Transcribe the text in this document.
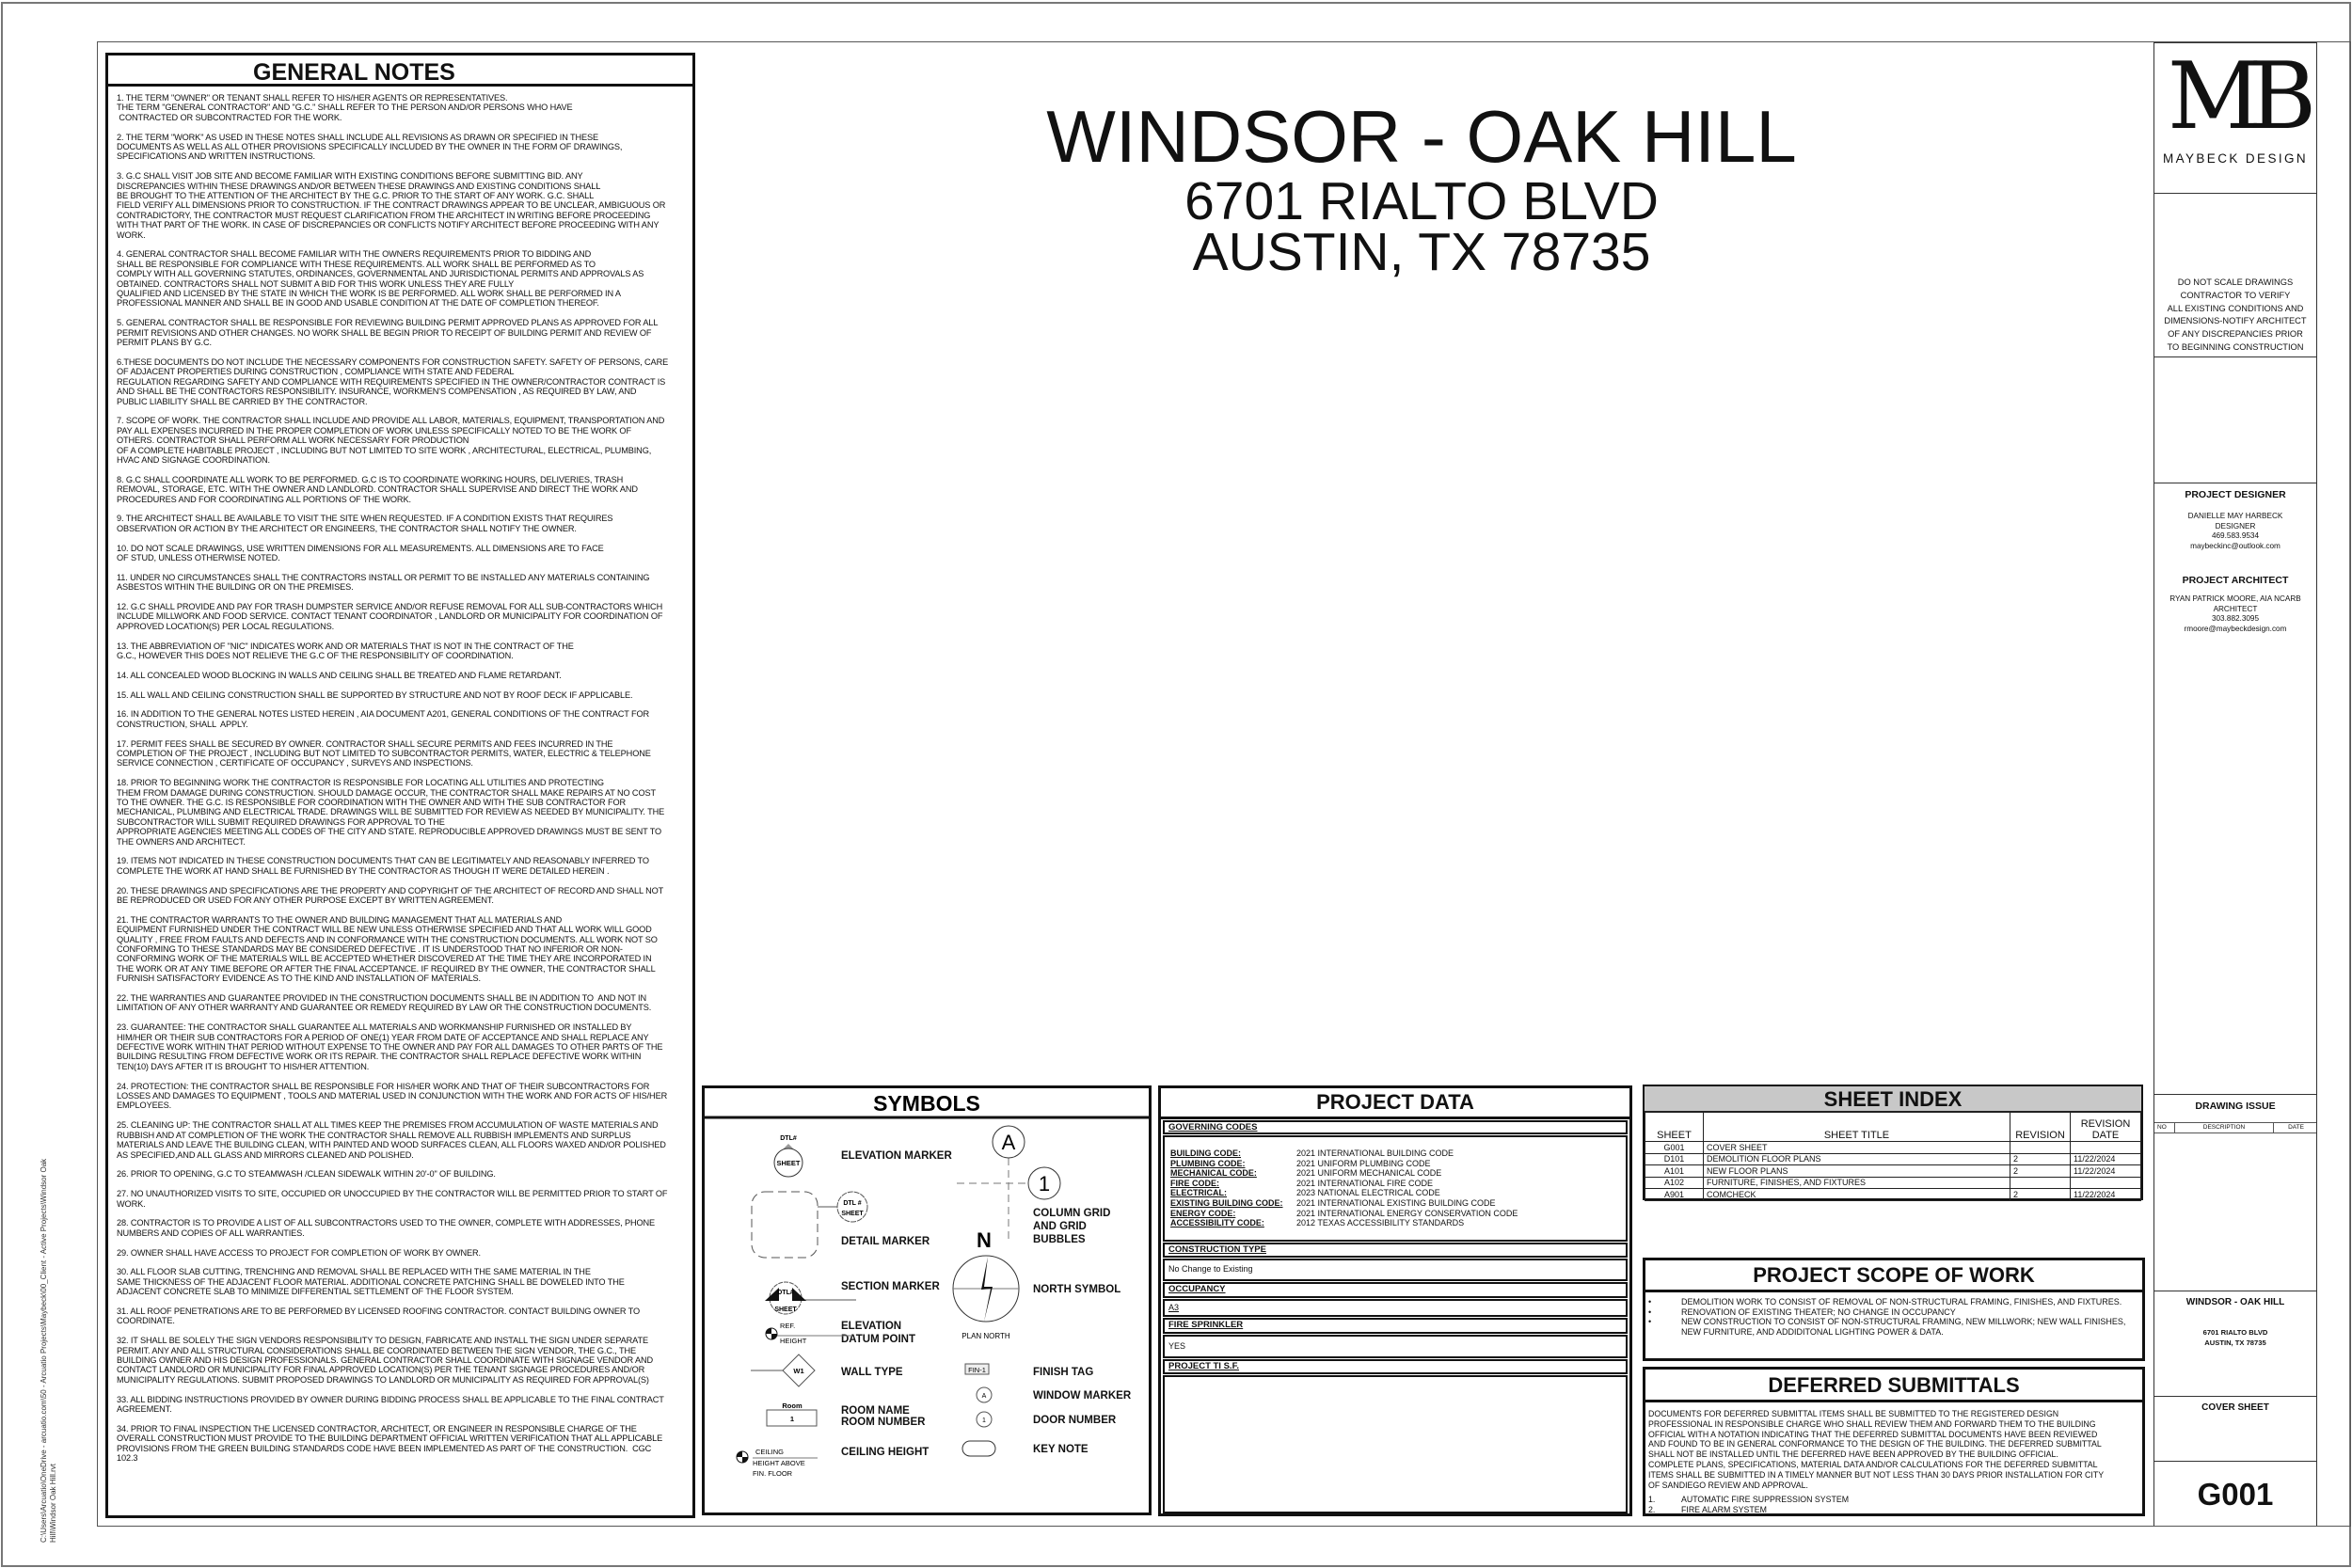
C:\Users\Arcuatio\OneDrive - arcuatio.com\50 - Arcuatio Projects\Maybeck\00_Client - Active Projects\Windsor Oak Hill\Windsor Oak Hill.rvt
GENERAL NOTES
1. THE TERM "OWNER" OR TENANT SHALL REFER TO HIS/HER AGENTS OR REPRESENTATIVES.
THE TERM "GENERAL CONTRACTOR" AND "G.C." SHALL REFER TO THE PERSON AND/OR PERSONS WHO HAVE
CONTRACTED OR SUBCONTRACTED FOR THE WORK.
2. THE TERM "WORK" AS USED IN THESE NOTES SHALL INCLUDE ALL REVISIONS AS DRAWN OR SPECIFIED IN THESE
DOCUMENTS AS WELL AS ALL OTHER PROVISIONS SPECIFICALLY INCLUDED BY THE OWNER IN THE FORM OF DRAWINGS,
SPECIFICATIONS AND WRITTEN INSTRUCTIONS.
3. G.C SHALL VISIT JOB SITE AND BECOME FAMILIAR WITH EXISTING CONDITIONS BEFORE SUBMITTING BID. ANY
DISCREPANCIES WITHIN THESE DRAWINGS AND/OR BETWEEN THESE DRAWINGS AND EXISTING CONDITIONS SHALL
BE BROUGHT TO THE ATTENTION OF THE ARCHITECT BY THE G.C. PRIOR TO THE START OF ANY WORK. G.C. SHALL
FIELD VERIFY ALL DIMENSIONS PRIOR TO CONSTRUCTION. IF THE CONTRACT DRAWINGS APPEAR TO BE UNCLEAR, AMBIGUOUS OR
CONTRADICTORY, THE CONTRACTOR MUST REQUEST CLARIFICATION FROM THE ARCHITECT IN WRITING BEFORE PROCEEDING
WITH THAT PART OF THE WORK. IN CASE OF DISCREPANCIES OR CONFLICTS NOTIFY ARCHITECT BEFORE PROCEEDING WITH ANY
WORK.
4. GENERAL CONTRACTOR SHALL BECOME FAMILIAR WITH THE OWNERS REQUIREMENTS PRIOR TO BIDDING AND
SHALL BE RESPONSIBLE FOR COMPLIANCE WITH THESE REQUIREMENTS. ALL WORK SHALL BE PERFORMED AS TO
COMPLY WITH ALL GOVERNING STATUTES, ORDINANCES, GOVERNMENTAL AND JURISDICTIONAL PERMITS AND APPROVALS AS
OBTAINED. CONTRACTORS SHALL NOT SUBMIT A BID FOR THIS WORK UNLESS THEY ARE FULLY
QUALIFIED AND LICENSED BY THE STATE IN WHICH THE WORK IS BE PERFORMED. ALL WORK SHALL BE PERFORMED IN A
PROFESSIONAL MANNER AND SHALL BE IN GOOD AND USABLE CONDITION AT THE DATE OF COMPLETION THEREOF.
5. GENERAL CONTRACTOR SHALL BE RESPONSIBLE FOR REVIEWING BUILDING PERMIT APPROVED PLANS AS APPROVED FOR ALL
PERMIT REVISIONS AND OTHER CHANGES. NO WORK SHALL BE BEGIN PRIOR TO RECEIPT OF BUILDING PERMIT AND REVIEW OF
PERMIT PLANS BY G.C.
6.THESE DOCUMENTS DO NOT INCLUDE THE NECESSARY COMPONENTS FOR CONSTRUCTION SAFETY. SAFETY OF PERSONS, CARE
OF ADJACENT PROPERTIES DURING CONSTRUCTION , COMPLIANCE WITH STATE AND FEDERAL
REGULATION REGARDING SAFETY AND COMPLIANCE WITH REQUIREMENTS SPECIFIED IN THE OWNER/CONTRACTOR CONTRACT IS
AND SHALL BE THE CONTRACTORS RESPONSIBILITY. INSURANCE, WORKMEN'S COMPENSATION , AS REQUIRED BY LAW, AND
PUBLIC LIABILITY SHALL BE CARRIED BY THE CONTRACTOR.
7. SCOPE OF WORK. THE CONTRACTOR SHALL INCLUDE AND PROVIDE ALL LABOR, MATERIALS, EQUIPMENT, TRANSPORTATION AND
PAY ALL EXPENSES INCURRED IN THE PROPER COMPLETION OF WORK UNLESS SPECIFICALLY NOTED TO BE THE WORK OF
OTHERS. CONTRACTOR SHALL PERFORM ALL WORK NECESSARY FOR PRODUCTION
OF A COMPLETE HABITABLE PROJECT , INCLUDING BUT NOT LIMITED TO SITE WORK , ARCHITECTURAL, ELECTRICAL, PLUMBING,
HVAC AND SIGNAGE COORDINATION.
8. G.C SHALL COORDINATE ALL WORK TO BE PERFORMED. G.C IS TO COORDINATE WORKING HOURS, DELIVERIES, TRASH
REMOVAL, STORAGE, ETC. WITH THE OWNER AND LANDLORD. CONTRACTOR SHALL SUPERVISE AND DIRECT THE WORK AND
PROCEDURES AND FOR COORDINATING ALL PORTIONS OF THE WORK.
9. THE ARCHITECT SHALL BE AVAILABLE TO VISIT THE SITE WHEN REQUESTED. IF A CONDITION EXISTS THAT REQUIRES
OBSERVATION OR ACTION BY THE ARCHITECT OR ENGINEERS, THE CONTRACTOR SHALL NOTIFY THE OWNER.
10. DO NOT SCALE DRAWINGS, USE WRITTEN DIMENSIONS FOR ALL MEASUREMENTS. ALL DIMENSIONS ARE TO FACE
OF STUD, UNLESS OTHERWISE NOTED.
11. UNDER NO CIRCUMSTANCES SHALL THE CONTRACTORS INSTALL OR PERMIT TO BE INSTALLED ANY MATERIALS CONTAINING
ASBESTOS WITHIN THE BUILDING OR ON THE PREMISES.
12. G.C SHALL PROVIDE AND PAY FOR TRASH DUMPSTER SERVICE AND/OR REFUSE REMOVAL FOR ALL SUB-CONTRACTORS WHICH
INCLUDE MILLWORK AND FOOD SERVICE. CONTACT TENANT COORDINATOR , LANDLORD OR MUNICIPALITY FOR COORDINATION OF
APPROVED LOCATION(S) PER LOCAL REGULATIONS.
13. THE ABBREVIATION OF "NIC" INDICATES WORK AND OR MATERIALS THAT IS NOT IN THE CONTRACT OF THE
G.C., HOWEVER THIS DOES NOT RELIEVE THE G.C OF THE RESPONSIBILITY OF COORDINATION.
14. ALL CONCEALED WOOD BLOCKING IN WALLS AND CEILING SHALL BE TREATED AND FLAME RETARDANT.
15. ALL WALL AND CEILING CONSTRUCTION SHALL BE SUPPORTED BY STRUCTURE AND NOT BY ROOF DECK IF APPLICABLE.
16. IN ADDITION TO THE GENERAL NOTES LISTED HEREIN , AIA DOCUMENT A201, GENERAL CONDITIONS OF THE CONTRACT FOR
CONSTRUCTION, SHALL  APPLY.
17. PERMIT FEES SHALL BE SECURED BY OWNER. CONTRACTOR SHALL SECURE PERMITS AND FEES INCURRED IN THE
COMPLETION OF THE PROJECT , INCLUDING BUT NOT LIMITED TO SUBCONTRACTOR PERMITS, WATER, ELECTRIC & TELEPHONE
SERVICE CONNECTION , CERTIFICATE OF OCCUPANCY , SURVEYS AND INSPECTIONS.
18. PRIOR TO BEGINNING WORK THE CONTRACTOR IS RESPONSIBLE FOR LOCATING ALL UTILITIES AND PROTECTING
THEM FROM DAMAGE DURING CONSTRUCTION. SHOULD DAMAGE OCCUR, THE CONTRACTOR SHALL MAKE REPAIRS AT NO COST
TO THE OWNER. THE G.C. IS RESPONSIBLE FOR COORDINATION WITH THE OWNER AND WITH THE SUB CONTRACTOR FOR
MECHANICAL, PLUMBING AND ELECTRICAL TRADE. DRAWINGS WILL BE SUBMITTED FOR REVIEW AS NEEDED BY MUNICIPALITY. THE
SUBCONTRACTOR WILL SUBMIT REQUIRED DRAWINGS FOR APPROVAL TO THE
APPROPRIATE AGENCIES MEETING ALL CODES OF THE CITY AND STATE. REPRODUCIBLE APPROVED DRAWINGS MUST BE SENT TO
THE OWNERS AND ARCHITECT.
19. ITEMS NOT INDICATED IN THESE CONSTRUCTION DOCUMENTS THAT CAN BE LEGITIMATELY AND REASONABLY INFERRED TO
COMPLETE THE WORK AT HAND SHALL BE FURNISHED BY THE CONTRACTOR AS THOUGH IT WERE DETAILED HEREIN .
20. THESE DRAWINGS AND SPECIFICATIONS ARE THE PROPERTY AND COPYRIGHT OF THE ARCHITECT OF RECORD AND SHALL NOT
BE REPRODUCED OR USED FOR ANY OTHER PURPOSE EXCEPT BY WRITTEN AGREEMENT.
21. THE CONTRACTOR WARRANTS TO THE OWNER AND BUILDING MANAGEMENT THAT ALL MATERIALS AND
EQUIPMENT FURNISHED UNDER THE CONTRACT WILL BE NEW UNLESS OTHERWISE SPECIFIED AND THAT ALL WORK WILL GOOD
QUALITY , FREE FROM FAULTS AND DEFECTS AND IN CONFORMANCE WITH THE CONSTRUCTION DOCUMENTS. ALL WORK NOT SO
CONFORMING TO THESE STANDARDS MAY BE CONSIDERED DEFECTIVE . IT IS UNDERSTOOD THAT NO INFERIOR OR NON-
CONFORMING WORK OF THE MATERIALS WILL BE ACCEPTED WHETHER DISCOVERED AT THE TIME THEY ARE INCORPORATED IN
THE WORK OR AT ANY TIME BEFORE OR AFTER THE FINAL ACCEPTANCE. IF REQUIRED BY THE OWNER, THE CONTRACTOR SHALL
FURNISH SATISFACTORY EVIDENCE AS TO THE KIND AND INSTALLATION OF MATERIALS.
22. THE WARRANTIES AND GUARANTEE PROVIDED IN THE CONSTRUCTION DOCUMENTS SHALL BE IN ADDITION TO  AND NOT IN
LIMITATION OF ANY OTHER WARRANTY AND GUARANTEE OR REMEDY REQUIRED BY LAW OR THE CONSTRUCTION DOCUMENTS.
23. GUARANTEE: THE CONTRACTOR SHALL GUARANTEE ALL MATERIALS AND WORKMANSHIP FURNISHED OR INSTALLED BY
HIM/HER OR THEIR SUB CONTRACTORS FOR A PERIOD OF ONE(1) YEAR FROM DATE OF ACCEPTANCE AND SHALL REPLACE ANY
DEFECTIVE WORK WITHIN THAT PERIOD WITHOUT EXPENSE TO THE OWNER AND PAY FOR ALL DAMAGES TO OTHER PARTS OF THE
BUILDING RESULTING FROM DEFECTIVE WORK OR ITS REPAIR. THE CONTRACTOR SHALL REPLACE DEFECTIVE WORK WITHIN
TEN(10) DAYS AFTER IT IS BROUGHT TO HIS/HER ATTENTION.
24. PROTECTION: THE CONTRACTOR SHALL BE RESPONSIBLE FOR HIS/HER WORK AND THAT OF THEIR SUBCONTRACTORS FOR
LOSSES AND DAMAGES TO EQUIPMENT , TOOLS AND MATERIAL USED IN CONJUNCTION WITH THE WORK AND FOR ACTS OF HIS/HER
EMPLOYEES.
25. CLEANING UP: THE CONTRACTOR SHALL AT ALL TIMES KEEP THE PREMISES FROM ACCUMULATION OF WASTE MATERIALS AND
RUBBISH AND AT COMPLETION OF THE WORK THE CONTRACTOR SHALL REMOVE ALL RUBBISH IMPLEMENTS AND SURPLUS
MATERIALS AND LEAVE THE BUILDING CLEAN, WITH PAINTED AND WOOD SURFACES CLEAN, ALL FLOORS WAXED AND/OR POLISHED
AS SPECIFIED,AND ALL GLASS AND MIRRORS CLEANED AND POLISHED.
26. PRIOR TO OPENING, G.C TO STEAMWASH /CLEAN SIDEWALK WITHIN 20'-0" OF BUILDING.
27. NO UNAUTHORIZED VISITS TO SITE, OCCUPIED OR UNOCCUPIED BY THE CONTRACTOR WILL BE PERMITTED PRIOR TO START OF
WORK.
28. CONTRACTOR IS TO PROVIDE A LIST OF ALL SUBCONTRACTORS USED TO THE OWNER, COMPLETE WITH ADDRESSES, PHONE
NUMBERS AND COPIES OF ALL WARRANTIES.
29. OWNER SHALL HAVE ACCESS TO PROJECT FOR COMPLETION OF WORK BY OWNER.
30. ALL FLOOR SLAB CUTTING, TRENCHING AND REMOVAL SHALL BE REPLACED WITH THE SAME MATERIAL IN THE
SAME THICKNESS OF THE ADJACENT FLOOR MATERIAL. ADDITIONAL CONCRETE PATCHING SHALL BE DOWELED INTO THE
ADJACENT CONCRETE SLAB TO MINIMIZE DIFFERENTIAL SETTLEMENT OF THE FLOOR SYSTEM.
31. ALL ROOF PENETRATIONS ARE TO BE PERFORMED BY LICENSED ROOFING CONTRACTOR. CONTACT BUILDING OWNER TO
COORDINATE.
32. IT SHALL BE SOLELY THE SIGN VENDORS RESPONSIBILITY TO DESIGN, FABRICATE AND INSTALL THE SIGN UNDER SEPARATE
PERMIT. ANY AND ALL STRUCTURAL CONSIDERATIONS SHALL BE COORDINATED BETWEEN THE SIGN VENDOR, THE G.C., THE
BUILDING OWNER AND HIS DESIGN PROFESSIONALS. GENERAL CONTRACTOR SHALL COORDINATE WITH SIGNAGE VENDOR AND
CONTACT LANDLORD OR MUNICIPALITY FOR FINAL APPROVED LOCATION(S) PER THE TENANT SIGNAGE PROCEDURES AND/OR
MUNICIPALITY REGULATIONS. SUBMIT PROPOSED DRAWINGS TO LANDLORD OR MUNICIPALITY AS REQUIRED FOR APPROVAL(S)
33. ALL BIDDING INSTRUCTIONS PROVIDED BY OWNER DURING BIDDING PROCESS SHALL BE APPLICABLE TO THE FINAL CONTRACT
AGREEMENT.
34. PRIOR TO FINAL INSPECTION THE LICENSED CONTRACTOR, ARCHITECT, OR ENGINEER IN RESPONSIBLE CHARGE OF THE
OVERALL CONSTRUCTION MUST PROVIDE TO THE BUILDING DEPARTMENT OFFICIAL WRITTEN VERIFICATION THAT ALL APPLICABLE
PROVISIONS FROM THE GREEN BUILDING STANDARDS CODE HAVE BEEN IMPLEMENTED AS PART OF THE CONSTRUCTION.  CGC
102.3
WINDSOR - OAK HILL
6701 RIALTO BLVD
AUSTIN, TX 78735
SYMBOLS
ELEVATION MARKER
DETAIL MARKER
SECTION MARKER
ELEVATION
DATUM POINT
WALL TYPE
ROOM NAME
ROOM NUMBER
CEILING HEIGHT
COLUMN GRID
AND GRID
BUBBLES
NORTH SYMBOL
FINISH TAG
WINDOW MARKER
DOOR NUMBER
KEY NOTE
DTL#
SHEET
DTL #
SHEET
DTL#
SHEET
REF.
HEIGHT
W1
Room
1
CEILING
HEIGHT ABOVE
FIN. FLOOR
A
1
N
PLAN NORTH
FIN-1
A
1
PROJECT DATA
GOVERNING CODES
BUILDING CODE:	2021 INTERNATIONAL BUILDING CODE
PLUMBING CODE:	2021 UNIFORM PLUMBING CODE
MECHANICAL CODE:	2021 UNIFORM MECHANICAL CODE
FIRE CODE:	2021 INTERNATIONAL FIRE CODE
ELECTRICAL:	2023 NATIONAL ELECTRICAL CODE
EXISTING BUILDING CODE: 2021 INTERNATIONAL EXISTING BUILDING CODE
ENERGY CODE:	2021 INTERNATIONAL ENERGY CONSERVATION CODE
ACCESSIBILITY CODE:	2012 TEXAS ACCESSIBILITY STANDARDS
CONSTRUCTION TYPE
No Change to Existing
OCCUPANCY
A3
FIRE SPRINKLER
YES
PROJECT TI S.F.
SHEET INDEX
SHEET	SHEET TITLE	REVISION	REVISION DATE
G001	COVER SHEET		
D101	DEMOLITION FLOOR PLANS	2	11/22/2024
A101	NEW FLOOR PLANS	2	11/22/2024
A102	FURNITURE, FINISHES, AND FIXTURES		
A901	COMCHECK	2	11/22/2024
PROJECT SCOPE OF WORK
•	DEMOLITION WORK TO CONSIST OF REMOVAL OF NON-STRUCTURAL FRAMING, FINISHES, AND FIXTURES.
•	RENOVATION OF EXISTING THEATER; NO CHANGE IN OCCUPANCY
•	NEW CONSTRUCTION TO CONSIST OF NON-STRUCTURAL FRAMING, NEW MILLWORK; NEW WALL FINISHES,
NEW FURNITURE, AND ADDIDITONAL LIGHTING POWER & DATA.
DEFERRED SUBMITTALS
DOCUMENTS FOR DEFERRED SUBMITTAL ITEMS SHALL BE SUBMITTED TO THE REGISTERED DESIGN
PROFESSIONAL IN RESPONSIBLE CHARGE WHO SHALL REVIEW THEM AND FORWARD THEM TO THE BUILDING
OFFICIAL WITH A NOTATION INDICATING THAT THE DEFERRED SUBMITTAL DOCUMENTS HAVE BEEN REVIEWED
AND FOUND TO BE IN GENERAL CONFORMANCE TO THE DESIGN OF THE BUILDING. THE DEFERRED SUBMITTAL
SHALL NOT BE INSTALLED UNTIL THE DEFERRED HAVE BEEN APPROVED BY THE BUILDING OFFICIAL.
COMPLETE PLANS, SPECIFICATIONS, MATERIAL DATA AND/OR CALCULATIONS FOR THE DEFERRED SUBMITTAL
ITEMS SHALL BE SUBMITTED IN A TIMELY MANNER BUT NOT LESS THAN 30 DAYS PRIOR INSTALLATION FOR CITY
OF SANDIEGO REVIEW AND APPROVAL.
1.	AUTOMATIC FIRE SUPPRESSION SYSTEM
2.	FIRE ALARM SYSTEM
MB
MAYBECK DESIGN
DO NOT SCALE DRAWINGS
CONTRACTOR TO VERIFY
ALL EXISTING CONDITIONS AND
DIMENSIONS-NOTIFY ARCHITECT
OF ANY DISCREPANCIES PRIOR
TO BEGINNING CONSTRUCTION
PROJECT DESIGNER
DANIELLE MAY HARBECK
DESIGNER
469.583.9534
maybeckinc@outlook.com
PROJECT ARCHITECT
RYAN PATRICK MOORE, AIA NCARB
ARCHITECT
303.882.3095
rmoore@maybeckdesign.com
DRAWING ISSUE
NO	DESCRIPTION	DATE
WINDSOR - OAK HILL
6701 RIALTO BLVD
AUSTIN, TX 78735
COVER SHEET
G001
